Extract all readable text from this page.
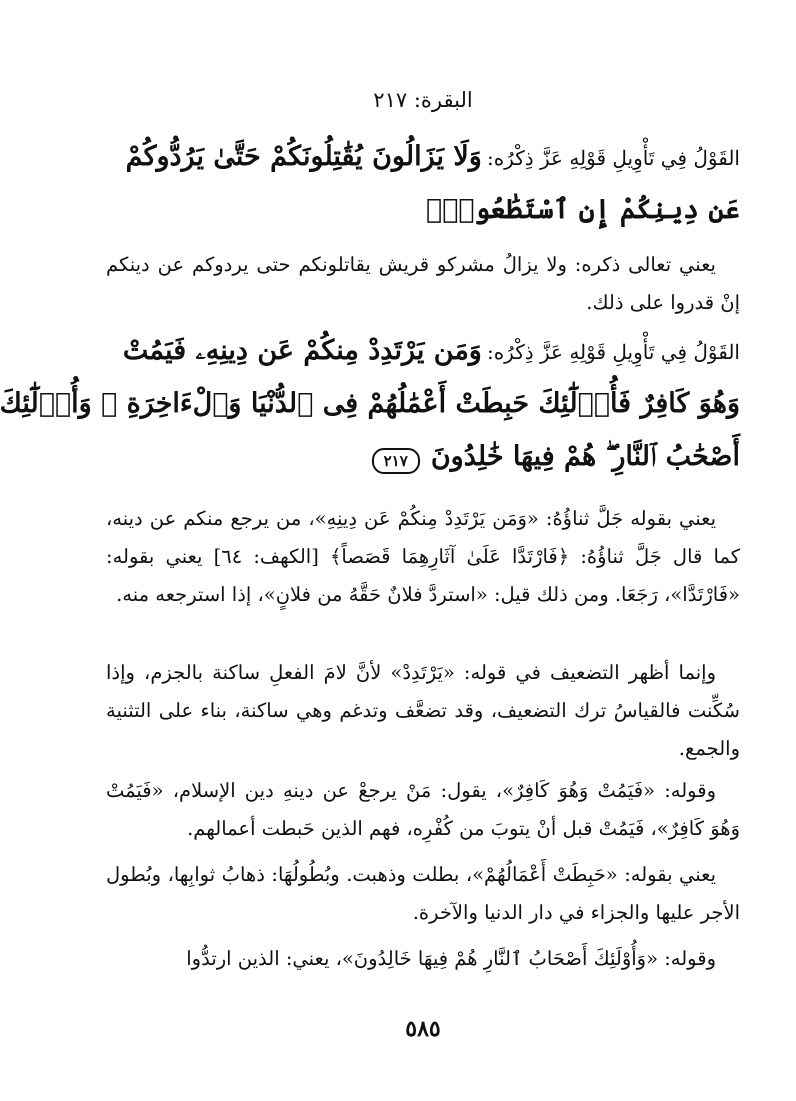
البقرة: ٢١٧
القَوْلُ فِي تَأْوِيلِ قَوْلِهِ عَزَّ ذِكْرُه: وَلَا يَزَالُونَ يُقَٰتِلُونَكُمْ حَتَّىٰ يَرُدُّوكُمْ
عَن دِينِكُمْ إِنِ ٱسْتَطَٰعُوا۟ۚ

يعني تعالى ذكره: ولا يزالُ مشركو قريش يقاتلونكم حتى يردوكم عن دينكم إنْ قدروا على ذلك.

القَوْلُ فِي تَأْوِيلِ قَوْلِهِ عَزَّ ذِكْرُه: وَمَن يَرْتَدِدْ مِنكُمْ عَن دِينِهِۦ فَيَمُتْ
وَهُوَ كَافِرٌ فَأُو۟لَٰٓئِكَ حَبِطَتْ أَعْمَٰلُهُمْ فِى ٱلدُّنْيَا وَٱلْءَاخِرَةِ ۖ وَأُو۟لَٰٓئِكَ
أَصْحَٰبُ ٱلنَّارِ ۖ هُمْ فِيهَا خَٰلِدُونَ ٢١٧

يعني بقوله جَلَّ ثناؤُهُ: «وَمَن يَرْتَدِدْ مِنكُمْ عَن دِينِهِ»، من يرجع منكم عن دينه، كما قال جَلَّ ثناؤُهُ: ﴿فَارْتَدَّا عَلَىٰ آثَارِهِمَا قَصَصاً﴾ [الكهف: ٦٤] يعني بقوله: «فَارْتَدَّا»، رَجَعَا. ومن ذلك قيل: «استردَّ فلانٌ حَقَّهُ من فلانٍ»، إذا استرجعه منه.

وإنما أظهر التضعيف في قوله: «يَرْتَدِدْ» لأنَّ لامَ الفعلِ ساكنة بالجزم، وإذا سُكِّنت فالقياسُ ترك التضعيف، وقد تضعَّف وتدغم وهي ساكنة، بناء على التثنية والجمع.

وقوله: «فَيَمُتْ وَهُوَ كَافِرٌ»، يقول: مَنْ يرجعْ عن دينهِ دين الإسلام، «فَيَمُتْ وَهُوَ كَافِرٌ»، فَيَمُتْ قبل أنْ يتوبَ من كُفْرِه، فهم الذين حَبطت أعمالهم.

يعني بقوله: «حَبِطَتْ أَعْمَالُهُمْ»، بطلت وذهبت. وبُطُولُهَا: ذهابُ ثوابِها، وبُطول الأجر عليها والجزاء في دار الدنيا والآخرة.

وقوله: «وَأُوْلَئِكَ أَصْحَابُ ٱلنَّارِ هُمْ فِيهَا خَالِدُونَ»، يعني: الذين ارتدُّوا

٥٨٥
